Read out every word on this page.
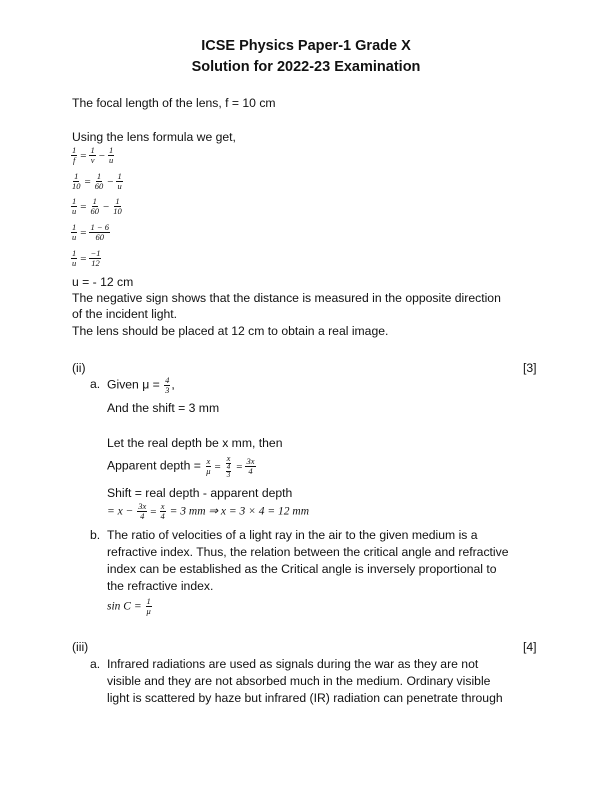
ICSE Physics Paper-1 Grade X
Solution for 2022-23 Examination
The focal length of the lens, f = 10 cm
Using the lens formula we get,
$\frac{1}{f} = \frac{1}{v} - \frac{1}{u}$
$\frac{1}{10} = \frac{1}{60} - \frac{1}{u}$
$\frac{1}{u} = \frac{1}{60} - \frac{1}{10}$
$\frac{1}{u} = \frac{1 - 6}{60}$
$\frac{1}{u} = \frac{-1}{12}$
u = - 12 cm
The negative sign shows that the distance is measured in the opposite direction
of the incident light.
The lens should be placed at 12 cm to obtain a real image.
(ii)	[3]
a. Given $\mu = \frac{4}{3}$ ,
And the shift = 3 mm
Let the real depth be x mm, then
Apparent depth = $\frac{x}{\mu} = \frac{x}{\frac{4}{3}} = \frac{3x}{4}$
Shift = real depth - apparent depth
= $x - \frac{3x}{4} = \frac{x}{4} = 3$ mm ⇒ x = 3 × 4 = 12 mm
b. The ratio of velocities of a light ray in the air to the given medium is a
refractive index. Thus, the relation between the critical angle and refractive
index can be established as the Critical angle is inversely proportional to
the refractive index.
$\sin C = \frac{1}{\mu}$
(iii)	[4]
a. Infrared radiations are used as signals during the war as they are not
visible and they are not absorbed much in the medium. Ordinary visible
light is scattered by haze but infrared (IR) radiation can penetrate through
